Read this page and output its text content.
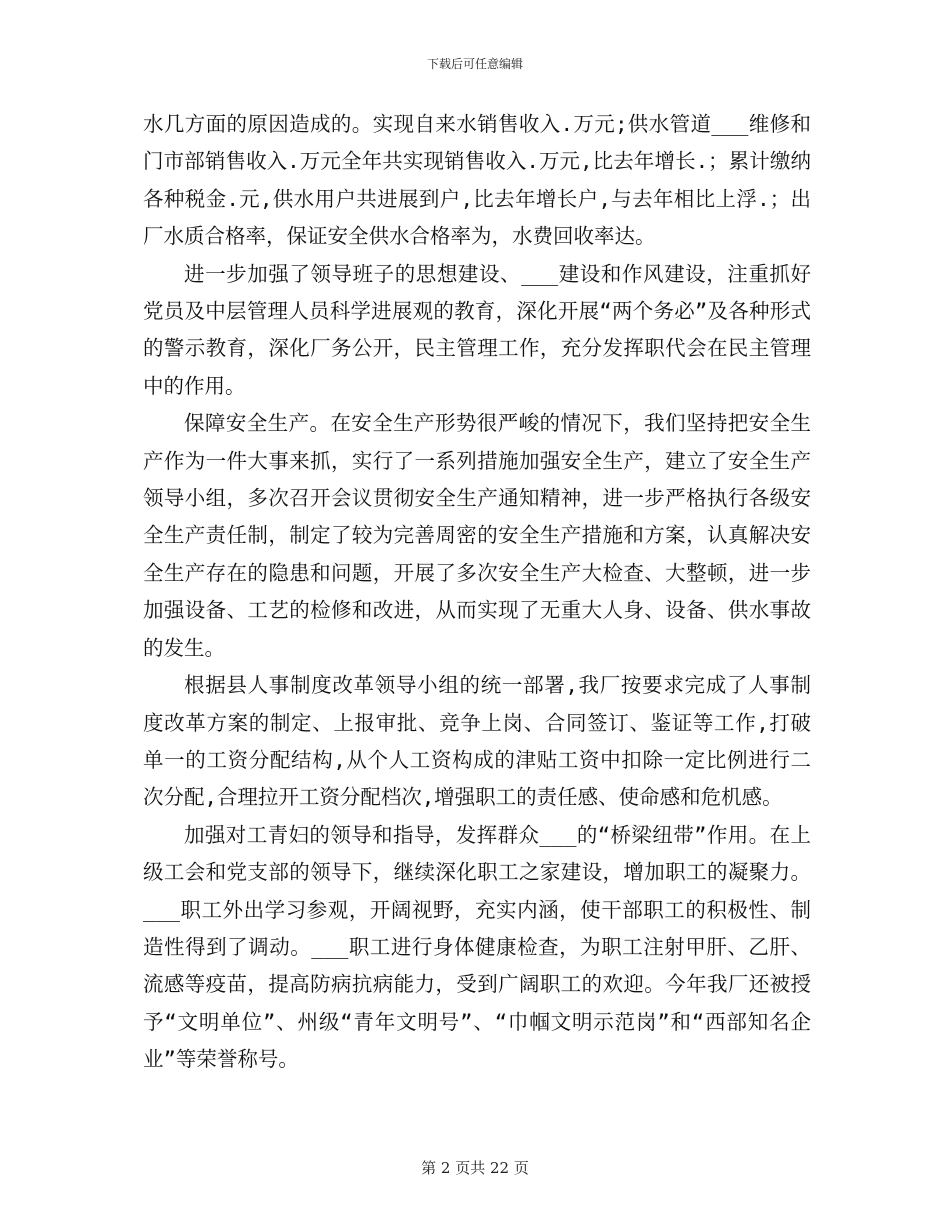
下载后可任意编辑

水几方面的原因造成的。实现自来水销售收入.万元;供水管道___维修和门市部销售收入.万元全年共实现销售收入.万元,比去年增长.；累计缴纳各种税金.元,供水用户共进展到户,比去年增长户,与去年相比上浮.；出厂水质合格率，保证安全供水合格率为，水费回收率达。

进一步加强了领导班子的思想建设、___建设和作风建设，注重抓好党员及中层管理人员科学进展观的教育，深化开展“两个务必”及各种形式的警示教育，深化厂务公开，民主管理工作，充分发挥职代会在民主管理中的作用。

保障安全生产。在安全生产形势很严峻的情况下，我们坚持把安全生产作为一件大事来抓，实行了一系列措施加强安全生产，建立了安全生产领导小组，多次召开会议贯彻安全生产通知精神，进一步严格执行各级安全生产责任制，制定了较为完善周密的安全生产措施和方案，认真解决安全生产存在的隐患和问题，开展了多次安全生产大检查、大整顿，进一步加强设备、工艺的检修和改进，从而实现了无重大人身、设备、供水事故的发生。

根据县人事制度改革领导小组的统一部署,我厂按要求完成了人事制度改革方案的制定、上报审批、竞争上岗、合同签订、鉴证等工作,打破单一的工资分配结构,从个人工资构成的津贴工资中扣除一定比例进行二次分配,合理拉开工资分配档次,增强职工的责任感、使命感和危机感。

加强对工青妇的领导和指导，发挥群众___的“桥梁纽带”作用。在上级工会和党支部的领导下，继续深化职工之家建设，增加职工的凝聚力。___职工外出学习参观，开阔视野，充实内涵，使干部职工的积极性、制造性得到了调动。___职工进行身体健康检查，为职工注射甲肝、乙肝、流感等疫苗，提高防病抗病能力，受到广阔职工的欢迎。今年我厂还被授予“文明单位”、州级“青年文明号”、“巾帼文明示范岗”和“西部知名企业”等荣誉称号。

第 2 页共 22 页
